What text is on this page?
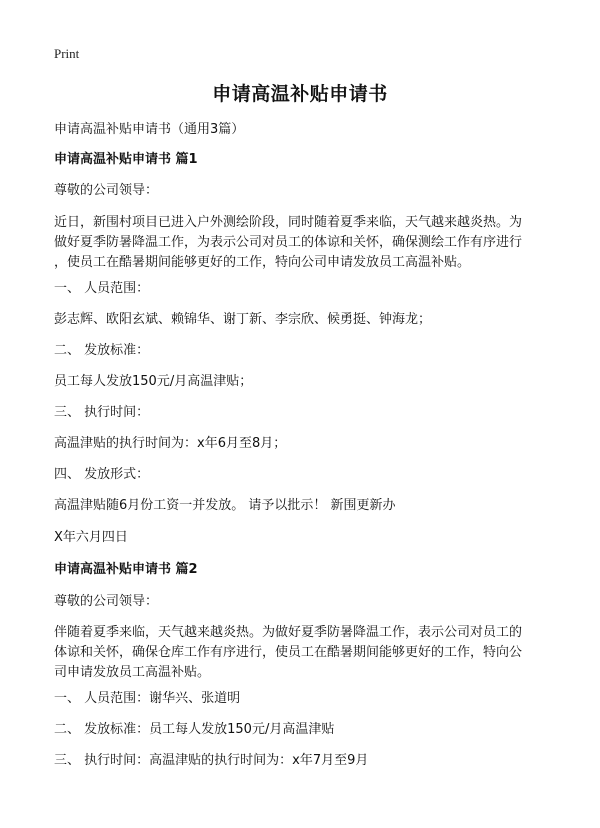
Print
申请高温补贴申请书
申请高温补贴申请书（通用3篇）
申请高温补贴申请书 篇1
尊敬的公司领导：
近日，新围村项目已进入户外测绘阶段，同时随着夏季来临，天气越来越炎热。为
做好夏季防暑降温工作，为表示公司对员工的体谅和关怀，确保测绘工作有序进行
，使员工在酷暑期间能够更好的工作，特向公司申请发放员工高温补贴。
一、 人员范围：
彭志辉、欧阳玄斌、赖锦华、谢丁新、李宗欣、候勇挺、钟海龙；
二、 发放标准：
员工每人发放150元/月高温津贴；
三、 执行时间：
高温津贴的执行时间为：x年6月至8月；
四、 发放形式：
高温津贴随6月份工资一并发放。 请予以批示！ 新围更新办
X年六月四日
申请高温补贴申请书 篇2
尊敬的公司领导：
伴随着夏季来临，天气越来越炎热。为做好夏季防暑降温工作，表示公司对员工的
体谅和关怀，确保仓库工作有序进行，使员工在酷暑期间能够更好的工作，特向公
司申请发放员工高温补贴。
一、 人员范围：谢华兴、张道明
二、 发放标准：员工每人发放150元/月高温津贴
三、 执行时间：高温津贴的执行时间为：x年7月至9月
